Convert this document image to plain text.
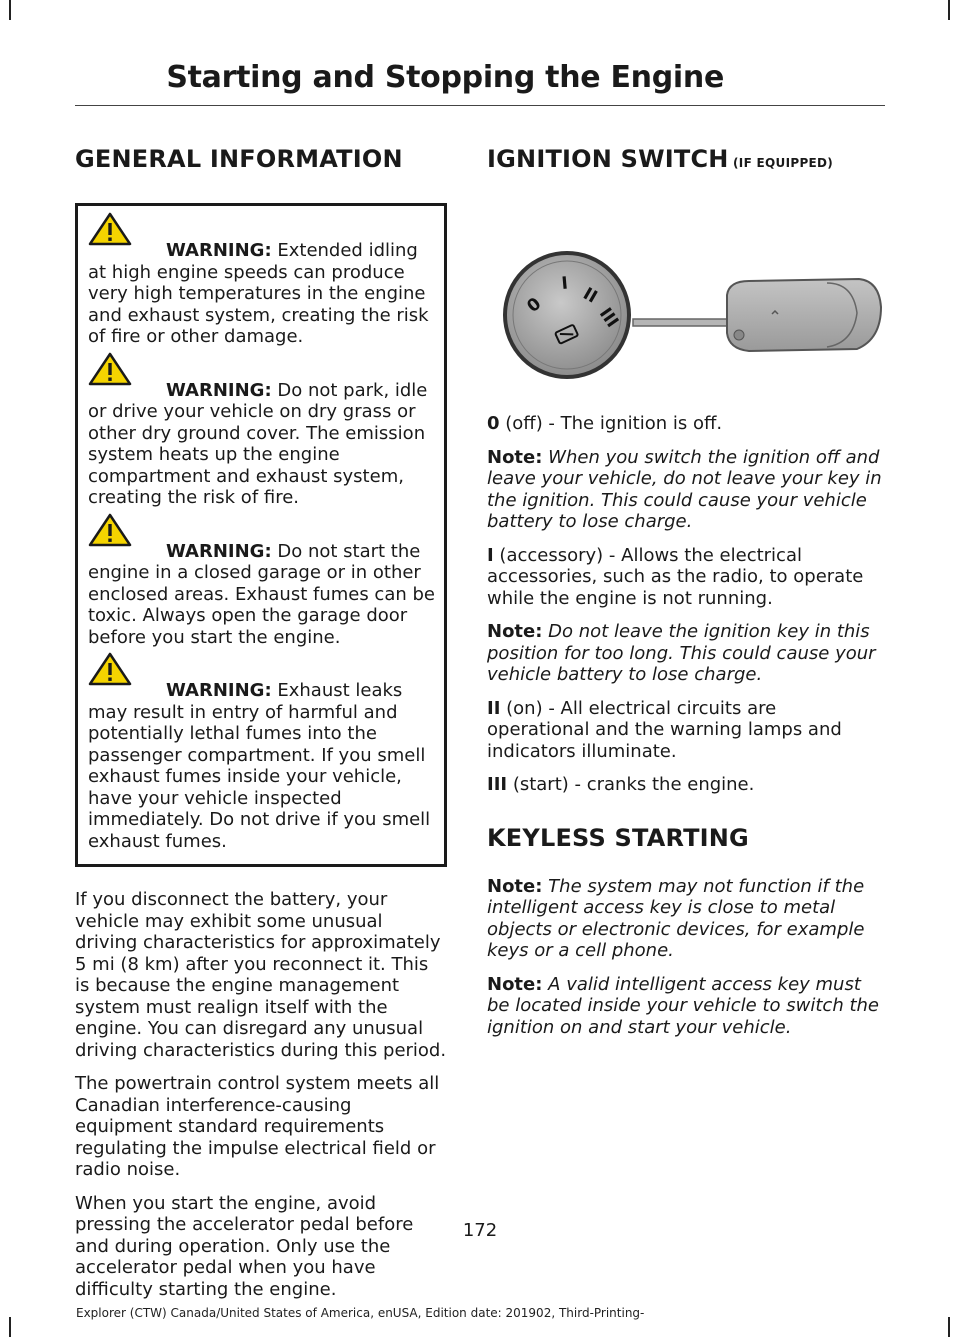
Starting and Stopping the Engine
GENERAL INFORMATION

WARNING: Extended idling at high engine speeds can produce very high temperatures in the engine and exhaust system, creating the risk of fire or other damage.

WARNING: Do not park, idle or drive your vehicle on dry grass or other dry ground cover. The emission system heats up the engine compartment and exhaust system, creating the risk of fire.

WARNING: Do not start the engine in a closed garage or in other enclosed areas. Exhaust fumes can be toxic. Always open the garage door before you start the engine.

WARNING: Exhaust leaks may result in entry of harmful and potentially lethal fumes into the passenger compartment. If you smell exhaust fumes inside your vehicle, have your vehicle inspected immediately. Do not drive if you smell exhaust fumes.

If you disconnect the battery, your vehicle may exhibit some unusual driving characteristics for approximately 5 mi (8 km) after you reconnect it. This is because the engine management system must realign itself with the engine. You can disregard any unusual driving characteristics during this period.

The powertrain control system meets all Canadian interference-causing equipment standard requirements regulating the impulse electrical field or radio noise.

When you start the engine, avoid pressing the accelerator pedal before and during operation. Only use the accelerator pedal when you have difficulty starting the engine.

IGNITION SWITCH (IF EQUIPPED)
0
I
II
III

0 (off) - The ignition is off.

Note: When you switch the ignition off and leave your vehicle, do not leave your key in the ignition. This could cause your vehicle battery to lose charge.

I (accessory) - Allows the electrical accessories, such as the radio, to operate while the engine is not running.

Note: Do not leave the ignition key in this position for too long. This could cause your vehicle battery to lose charge.

II (on) - All electrical circuits are operational and the warning lamps and indicators illuminate.

III (start) - cranks the engine.

KEYLESS STARTING

Note: The system may not function if the intelligent access key is close to metal objects or electronic devices, for example keys or a cell phone.

Note: A valid intelligent access key must be located inside your vehicle to switch the ignition on and start your vehicle.

172
Explorer (CTW) Canada/United States of America, enUSA, Edition date: 201902, Third-Printing-
